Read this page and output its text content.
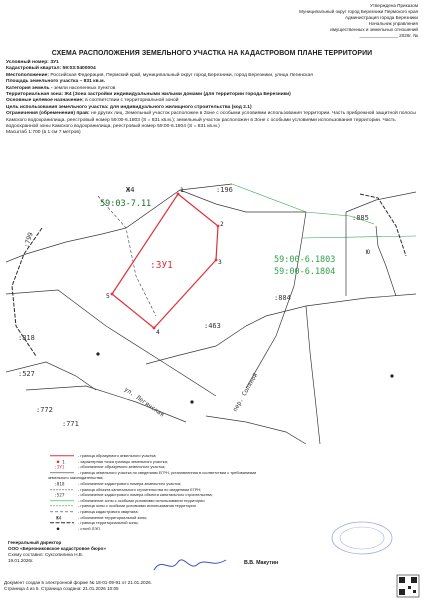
Утверждена Приказом
Муниципальный округ город Березники Пермского края
Администрация города Березники
Начальник управления
имущественных и земельных отношений
_______________ 2026г. №
СХЕМА РАСПОЛОЖЕНИЯ ЗЕМЕЛЬНОГО УЧАСТКА НА КАДАСТРОВОМ ПЛАНЕ ТЕРРИТОРИИ

Условный номер: ЗУ1

Кадастровый квартал: 59:03:0400004

Местоположение: Российская Федерация, Пермский край, муниципальный округ город Березники, город Березники, улица Легинская

Площадь земельного участка – 831 кв.м.

Категория земель - земли населенных пунктов

Территориальная зона: Ж4 (Зона застройки индивидуальными жилыми домами (для территории города Березники)

Основные целевое назначение: в соответствии с территориальной зоной

Цель использования земельного участка: для индивидуального жилищного строительства (код 2.1)

Ограничения (обременения) прав: не других лиц. Земельный участок расположен в Зоне с особыми условиями использования территории. Часть прибрежной защитной полосы Камского водохранилища, реестровый номер 59:00-6.1803 (S = 831 кв.м.); земельный участок расположен в Зоне с особыми условиями использования территории. Часть водоохранной зоны Камского водохранилища, реестровый номер 59:00-6.1804 (S = 831 кв.м.)

Масштаб 1:700 (в 1 см 7 метров)

1
2
3
4
5
:ЗУ1
59:03-7.11
Ж4
59:00-6.1803
59:00-6.1804
:196
:885
:884
:463
:818
:527
:772
:771
:799
ул. Легинская	пер. Соляной
Ю
- граница образуемого земельного участка;
1	- характерная точка границы земельного участка;
:ЗУ1	- обозначение образуемого земельного участка;
- граница земельного участка по сведениям ЕГРН, установленная в соответствии с требованиями
земельного законодательства;
:818	- обозначение кадастрового номера земельного участка;
- граница объекта капитального строительства по сведениям ЕГРН;
:527	- обозначение кадастрового номера объекта капитального строительства;
- обозначение зоны с особыми условиями использования территории
- граница зоны с особыми условиями использования территории
- граница кадастрового квартала;
Ж4	- обозначение территориальной зоны;
- граница территориальной зоны;
- столб ЛЭП.
Генеральный директор
ООО «Березниковское кадастровое бюро»
Схему составил: Суксопилина Н.В.
19.01.2026г.	В.В. Макутин
Документ создан в электронной форме № 18-01-09-91 от 21.01.2026.
Страница 4 из 5. Страница создана: 21.01.2026 10:05
